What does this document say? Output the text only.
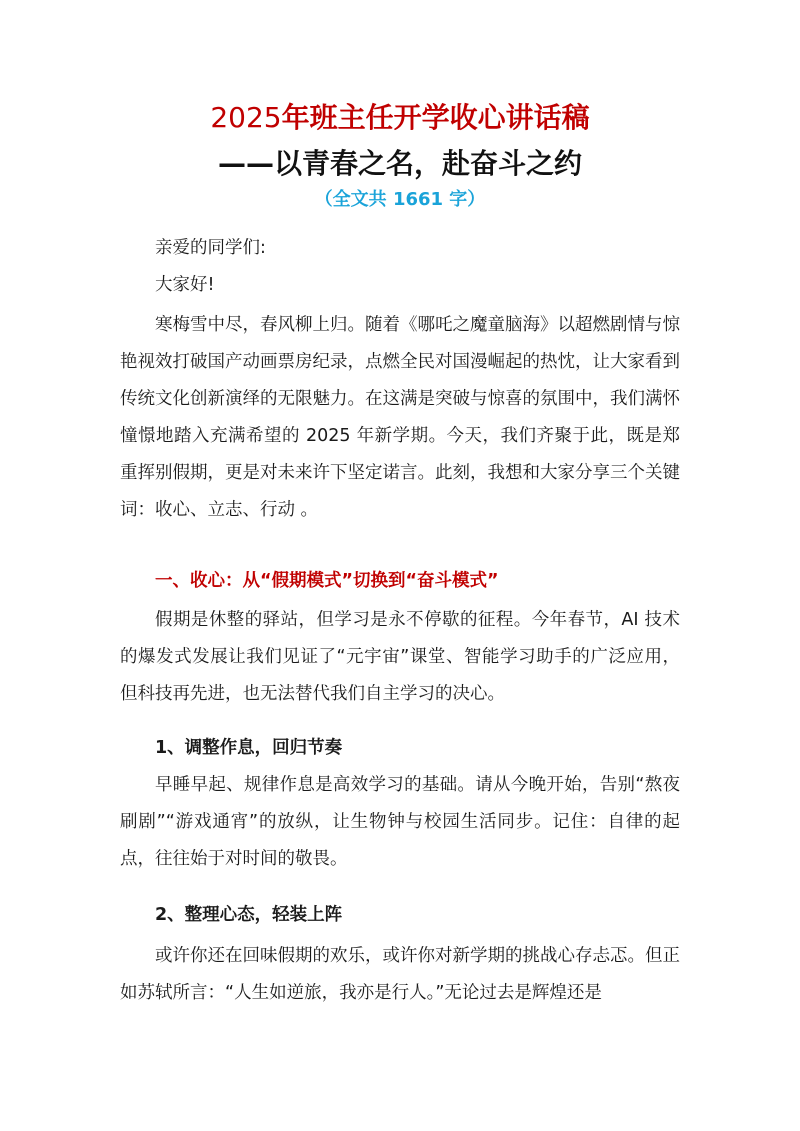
2025年班主任开学收心讲话稿
——以青春之名，赴奋斗之约
（全文共 1661 字）
亲爱的同学们:
大家好!

寒梅雪中尽，春风柳上归。随着《哪吒之魔童脑海》以超燃剧情与惊艳视效打破国产动画票房纪录，点燃全民对国漫崛起的热忱，让大家看到传统文化创新演绎的无限魅力。在这满是突破与惊喜的氛围中，我们满怀憧憬地踏入充满希望的 2025 年新学期。今天，我们齐聚于此，既是郑重挥别假期，更是对未来许下坚定诺言。此刻，我想和大家分享三个关键词：收心、立志、行动 。

一、收心：从“假期模式”切换到“奋斗模式”

假期是休整的驿站，但学习是永不停歇的征程。今年春节，AI 技术的爆发式发展让我们见证了“元宇宙”课堂、智能学习助手的广泛应用，但科技再先进，也无法替代我们自主学习的决心。

1、调整作息，回归节奏

早睡早起、规律作息是高效学习的基础。请从今晚开始，告别“熬夜刷剧”“游戏通宵”的放纵，让生物钟与校园生活同步。记住：自律的起点，往往始于对时间的敬畏。

2、整理心态，轻装上阵

或许你还在回味假期的欢乐，或许你对新学期的挑战心存忐忑。但正如苏轼所言：“人生如逆旅，我亦是行人。”无论过去是辉煌还是
